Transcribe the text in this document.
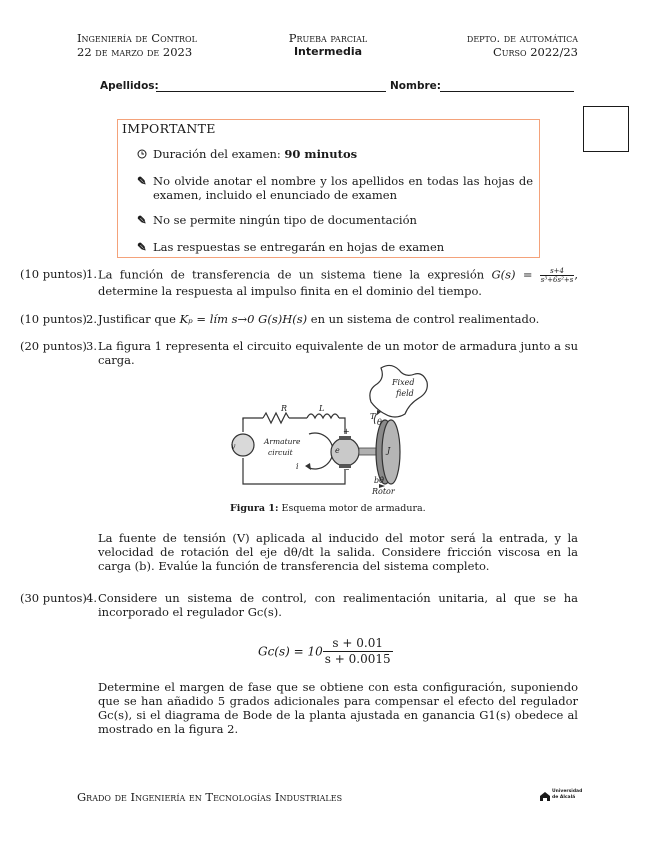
Ingeniería de Control
22 de marzo de 2023
Prueba parcial
Intermedia
depto. de automática
Curso 2022/23
Apellidos:	Nombre:
IMPORTANTE
Duración del examen: 90 minutos
✎ No olvide anotar el nombre y los apellidos en todas las hojas de examen, incluido el enunciado de examen
✎ No se permite ningún tipo de documentación
✎ Las respuestas se entregarán en hojas de examen
(10 puntos) 1. La función de transferencia de un sistema tiene la expresión $G(s) = \frac{s+4}{\text{s³+6s²+s}}$ , determine la respuesta al impulso finita en el dominio del tiempo.
(10 puntos) 2. Justificar que Kₚ = lím s→0 G(s)H(s) en un sistema de control realimentado.
(20 puntos) 3. La figura 1 representa el circuito equivalente de un motor de armadura junto a su carga.
Fixed
field
R	L
v
Armature
circuit
i
e
+
−
T
θ
J
bθ̇
Rotor
Figura 1: Esquema motor de armadura.
La fuente de tensión (V) aplicada al inducido del motor será la entrada, y la velocidad de rotación del eje dθ/dt la salida. Considere fricción viscosa en la carga (b). Evalúe la función de transferencia del sistema completo.
(30 puntos) 4. Considere un sistema de control, con realimentación unitaria, al que se ha incorporado el regulador Gc(s).
$Gc(s) = 10 \frac{s + 0.01}{s + 0.0015}$
Determine el margen de fase que se obtiene con esta configuración, suponiendo que se han añadido 5 grados adicionales para compensar el efecto del regulador Gc(s), si el diagrama de Bode de la planta ajustada en ganancia G1(s) obedece al mostrado en la figura 2.
Grado de Ingeniería en Tecnologías Industriales	Universidad
de Alcalá
